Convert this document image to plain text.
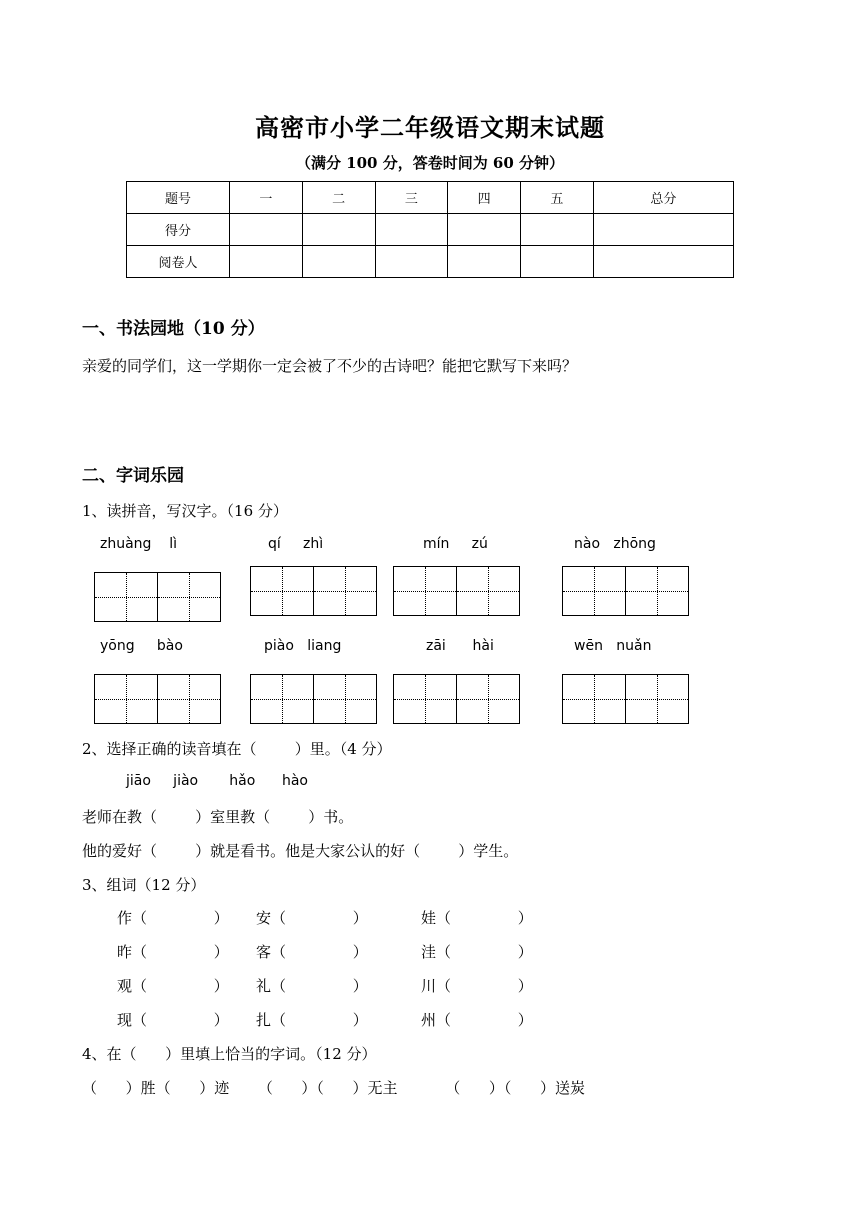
高密市小学二年级语文期末试题
（满分 100 分，答卷时间为 60 分钟）
题号	一	二	三	四	五	总分
得分						
阅卷人						
一、书法园地（10 分）
亲爱的同学们，这一学期你一定会被了不少的古诗吧？能把它默写下来吗？
二、字词乐园
1、读拼音，写汉字。（16 分）
zhuàng    lì	qí     zhì	mín     zú	nào   zhōng
yōng     bào	piào   liang	zāi      hài	wēn   nuǎn
2、选择正确的读音填在（        ）里。（4 分）
jiāo     jiào       hǎo      hào
老师在教（        ）室里教（        ）书。
他的爱好（        ）就是看书。他是大家公认的好（        ）学生。
3、组词（12 分）
作（              ） 安（              ）	娃（              ）
昨（              ） 客（              ）	洼（              ）
观（              ） 礼（              ）	川（              ）
现（              ） 扎（              ）	州（              ）
4、在（      ）里填上恰当的字词。（12 分）
（      ）胜（      ）迹      （      ）（      ）无主          （      ）（      ）送炭
